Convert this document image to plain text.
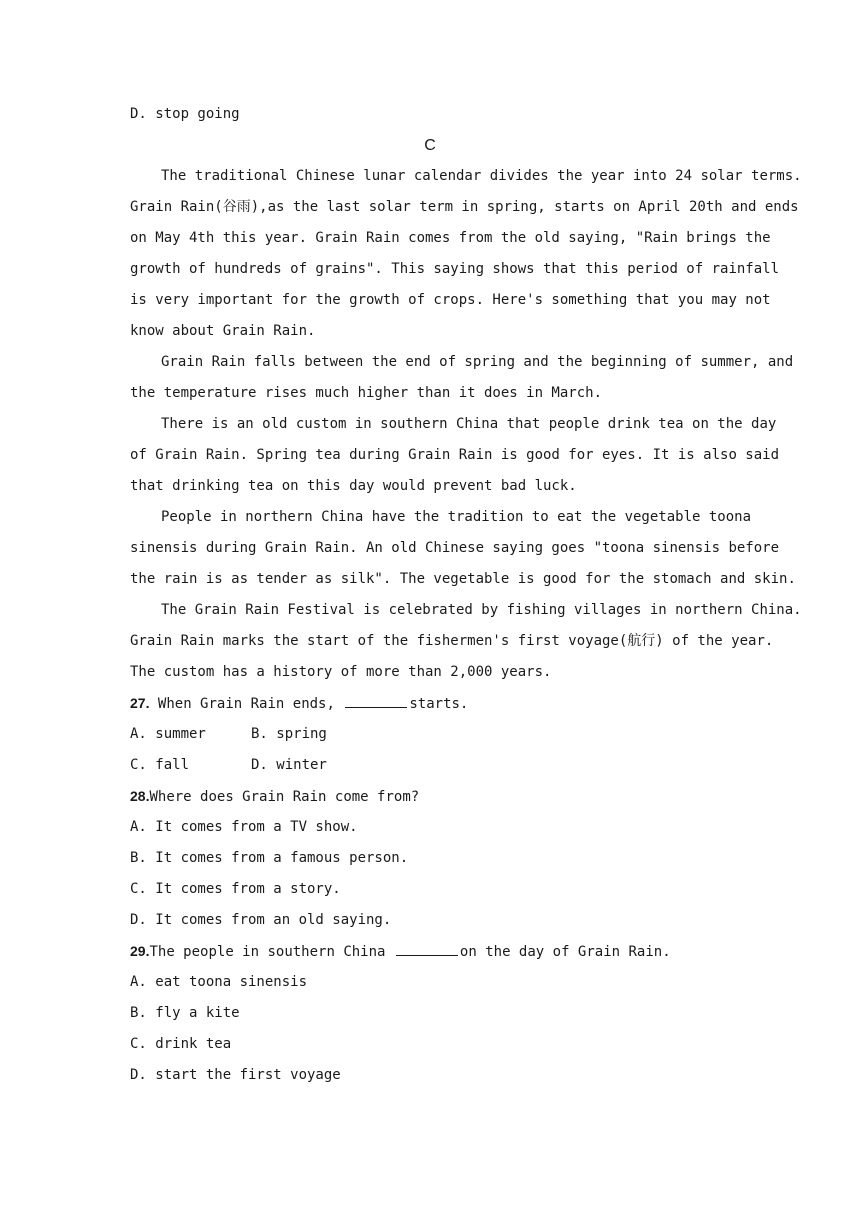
D. stop going
C
The traditional Chinese lunar calendar divides the year into 24 solar terms.
Grain Rain(谷雨),as the last solar term in spring, starts on April 20th and ends
on May 4th this year. Grain Rain comes from the old saying, "Rain brings the
growth of hundreds of grains". This saying shows that this period of rainfall
is very important for the growth of crops. Here's something that you may not
know about Grain Rain.
Grain Rain falls between the end of spring and the beginning of summer, and
the temperature rises much higher than it does in March.
There is an old custom in southern China that people drink tea on the day
of Grain Rain. Spring tea during Grain Rain is good for eyes. It is also said
that drinking tea on this day would prevent bad luck.
People in northern China have the tradition to eat the vegetable toona
sinensis during Grain Rain. An old Chinese saying goes "toona sinensis before
the rain is as tender as silk". The vegetable is good for the stomach and skin.
The Grain Rain Festival is celebrated by fishing villages in northern China.
Grain Rain marks the start of the fishermen's first voyage(航行) of the year.
The custom has a history of more than 2,000 years.
27. When Grain Rain ends,	starts.
A. summer	B. spring
C. fall	D. winter
28.Where does Grain Rain come from?
A. It comes from a TV show.
B. It comes from a famous person.
C. It comes from a story.
D. It comes from an old saying.
29.The people in southern China	on the day of Grain Rain.
A. eat toona sinensis
B. fly a kite
C. drink tea
D. start the first voyage
